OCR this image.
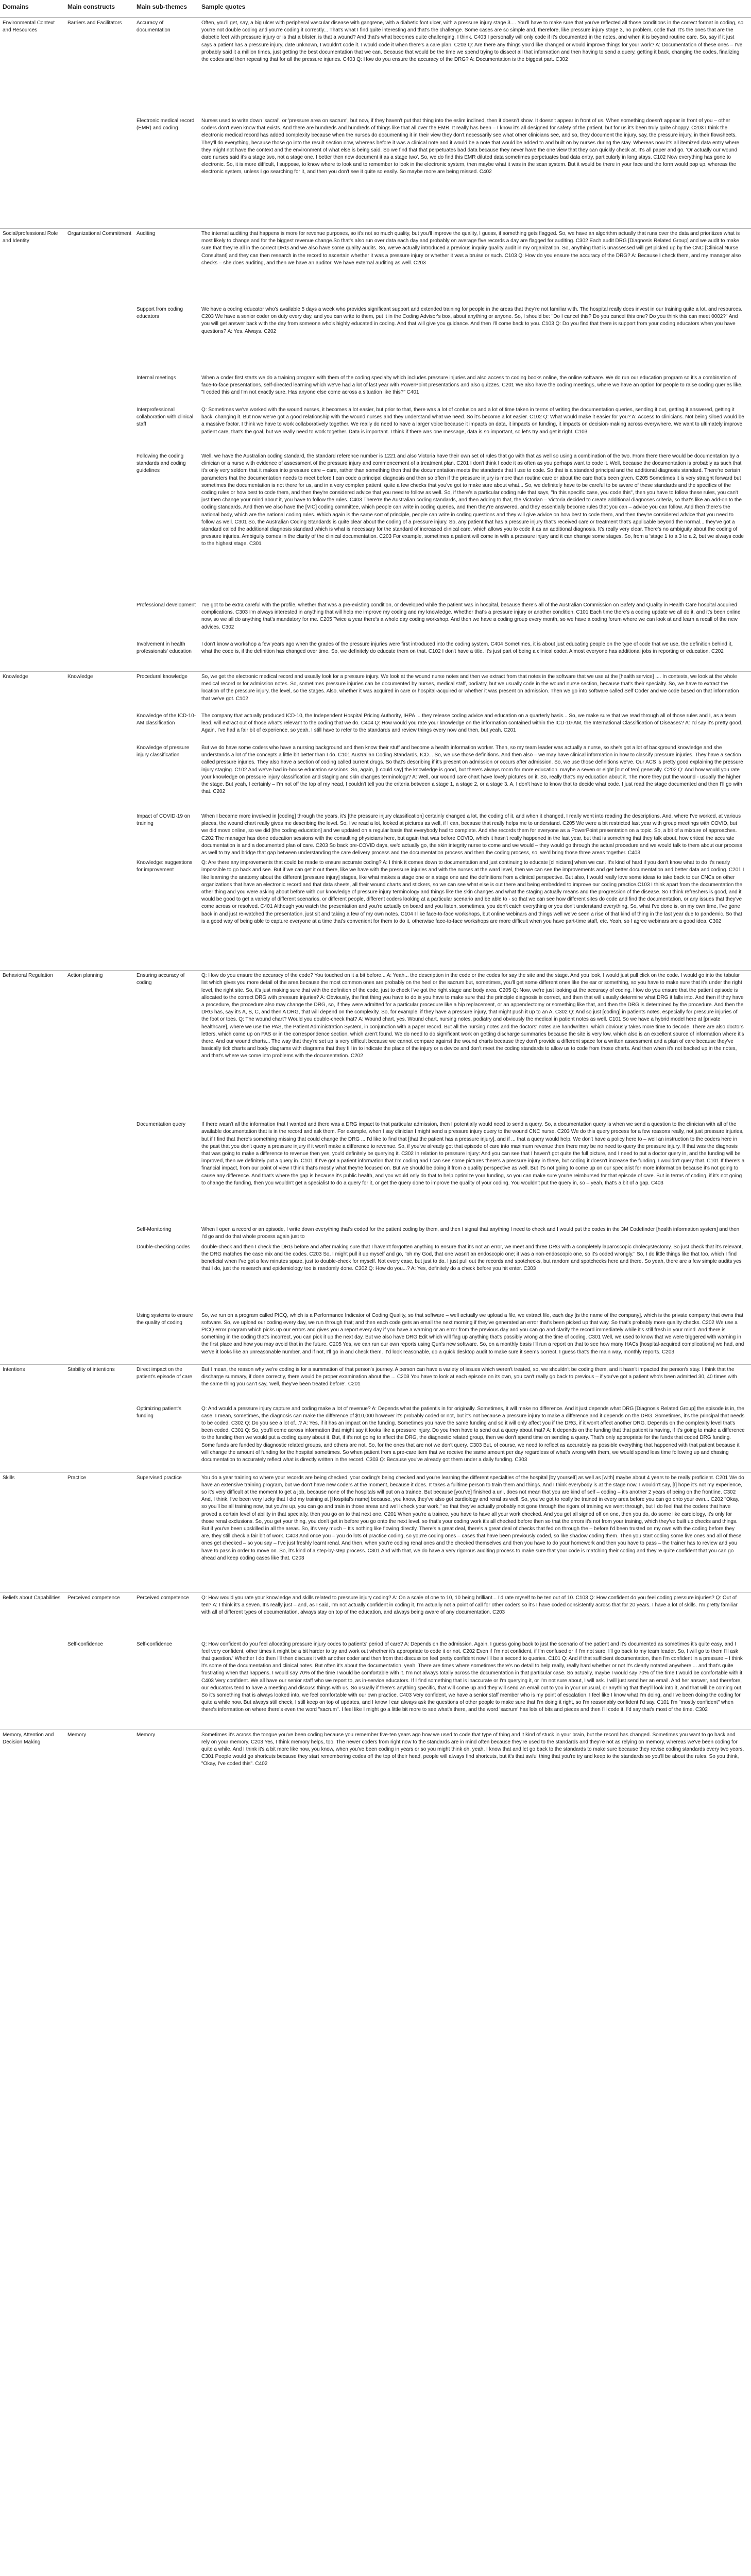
Domains	Main constructs	Main sub-themes	Sample quotes
Environmental Context and Resources	Barriers and Facilitators	Accuracy of documentation	Often, you'll get, say, a big ulcer with peripheral vascular disease with gangrene, with a diabetic foot ulcer, with a pressure injury stage 3.... You'll have to make sure that you've reflected all those conditions in the correct format in coding, so you're not double coding and you're coding it correctly... That's what I find quite interesting and that's the challenge. Some cases are so simple and, therefore, like pressure injury stage 3, no problem, code that. It's the ones that are the diabetic feet with pressure injury or is that a blister, is that a wound? And that's what becomes quite challenging. I think. C403 I personally will only code if it's documented in the notes, and when it is beyond routine care. So, say if it just says a patient has a pressure injury, date unknown, I wouldn't code it. I would code it when there's a care plan. C203 Q: Are there any things you'd like changed or would improve things for your work? A: Documentation of these ones – I've probably said it a million times, just getting the best documentation that we can. Because that would be the time we spend trying to dissect all that information and then having to send a query, getting it back, changing the codes, finalizing the codes and then repeating that for all the pressure injuries. C403 Q: How do you ensure the accuracy of the DRG? A: Documentation is the biggest part. C302
		Electronic medical record (EMR) and coding	Nurses used to write down 'sacral', or 'pressure area on sacrum', but now, if they haven't put that thing into the eslim inclined, then it doesn't show. It doesn't appear in front of us. When something doesn't appear in front of you – other coders don't even know that exists. And there are hundreds and hundreds of things like that all over the EMR. It really has been – I know it's all designed for safety of the patient, but for us it's been truly quite choppy. C203 I think the electronic medical record has added complexity because when the nurses do documenting it in their view they don't necessarily see what other clinicians see, and so, they document the injury, say, the pressure injury, in their flowsheets. They'll do everything, because those go into the result section now, whereas before it was a clinical note and it would be a note that would be added to and built on by nurses during the stay. Whereas now it's all itemized data entry where they might not have the context and the environment of what else is being said. So we find that that perpetuates bad data because they never have the one view that they can quickly check at. It's all paper and go. 'Or actually our wound care nurses said it's a stage two, not a stage one. I better then now document it as a stage two'. So, we do find this EMR diluted data sometimes perpetuates bad data entry, particularly in long stays. C102 Now everything has gone to electronic. So, it is more difficult, I suppose, to know where to look and to remember to look in the electronic system, then maybe what it was in the scan system. But it would be there in your face and the form would pop up, whereas the electronic system, unless I go searching for it, and then you don't see it quite so easily. So maybe more are being missed. C402
Social/professional Role and Identity	Organizational Commitment	Auditing	The internal auditing that happens is more for revenue purposes, so it's not so much quality, but you'll improve the quality, I guess, if something gets flagged. So, we have an algorithm actually that runs over the data and prioritizes what is most likely to change and for the biggest revenue change.So that's also run over data each day and probably on average five records a day are flagged for auditing. C302 Each audit DRG [Diagnosis Related Group] and we audit to make sure that they're all in the correct DRG and we also have some quality audits. So, we've actually introduced a previous inquiry quality audit in my organization. So, anything that is unassessed will get picked up by the CNC [Clinical Nurse Consultant] and they can then research in the record to ascertain whether it was a pressure injury or whether it was a bruise or such. C103 Q: How do you ensure the accuracy of the DRG? A: Because I check them, and my manager also checks – she does auditing, and then we have an auditor. We have external auditing as well. C203
		Support from coding educators	We have a coding educator who's available 5 days a week who provides significant support and extended training for people in the areas that they're not familiar with. The hospital really does invest in our training quite a lot, and resources. C203 We have a senior coder on duty every day, and you can write to them, put it in the Coding Advisor's box, about anything or anyone. So, I should be: "Do I cancel this? Do you cancel this one? Do you think this can meet 0002?" And you will get answer back with the day from someone who's highly educated in coding. And that will give you guidance. And then I'll come back to you. C103 Q: Do you find that there is support from your coding educators when you have questions? A: Yes. Always. C202
		Internal meetings	When a coder first starts we do a training program with them of the coding specialty which includes pressure injuries and also access to coding books online, the online software. We do run our education program so it's a combination of face-to-face presentations, self-directed learning which we've had a lot of last year with PowerPoint presentations and also quizzes. C201 We also have the coding meetings, where we have an option for people to raise coding queries like, "I coded this and I'm not exactly sure. Has anyone else come across a situation like this?" C401
		Interprofessional collaboration with clinical staff	Q: Sometimes we've worked with the wound nurses, it becomes a lot easier, but prior to that, there was a lot of confusion and a lot of time taken in terms of writing the documentation queries, sending it out, getting it answered, getting it back, changing it. But now we've got a good relationship with the wound nurses and they understand what we need. So it's become a lot easier. C102 Q: What would make it easier for you? A: Access to clinicians. Not being siloed would be a massive factor. I think we have to work collaboratively together. We really do need to have a larger voice because it impacts on data, it impacts on funding, it impacts on decision-making across everywhere. We want to ultimately improve patient care, that's the goal, but we really need to work together. Data is important. I think if there was one message, data is so important, so let's try and get it right. C103
		Following the coding standards and coding guidelines	Well, we have the Australian coding standard, the standard reference number is 1221 and also Victoria have their own set of rules that go with that as well so using a combination of the two. From there there would be documentation by a clinician or a nurse with evidence of assessment of the pressure injury and commencement of a treatment plan. C201 I don't think I code it as often as you perhaps want to code it. Well, because the documentation is probably as such that it's only very seldom that it makes into pressure care – care, rather than something then that the documentation meets the standards that I use to code. So that is a standard principal and the additional diagnosis standard. There're certain parameters that the documentation needs to meet before I can code a principal diagnosis and then so often if the pressure injury is more than routine care or about the care that's been given. C205 Sometimes it is very straight forward but sometimes the documentation is not there for us, and in a very complex patient, quite a few checks that you've got to make sure about what... So, we definitely have to be careful to be aware of these standards and the specifics of the coding rules or how best to code them, and then they're considered advice that you need to follow as well. So, if there's a particular coding rule that says, "In this specific case, you code this", then you have to follow these rules, you can't just then change your mind about it, you have to follow the rules. C403 There're the Australian coding standards, and then adding to that, the Victorian – Victoria decided to create additional diagnoses criteria, so that's like an add-on to the coding standards. And then we also have the [VIC] coding committee, which people can write in coding queries, and then they're answered, and they essentially become rules that you can – advice you can follow. And then there's the national body, which are the national coding rules. Which again is the same sort of principle, people can write in coding questions and they will give advice on how best to code them, and then they're considered advice that you need to follow as well. C301 So, the Australian Coding Standards is quite clear about the coding of a pressure injury. So, any patient that has a pressure injury that's received care or treatment that's applicable beyond the normal... they've got a standard called the additional diagnosis standard which is what is necessary for the standard of increased clinical care, which allows you to code it as an additional diagnosis. It's really very clear. There's no ambiguity about the coding of pressure injuries. Ambiguity comes in the clarity of the clinical documentation. C203 For example, sometimes a patient will come in with a pressure injury and it can change some stages. So, from a 'stage 1 to a 3 to a 2, but we always code to the highest stage. C301
		Professional development	I've got to be extra careful with the profile, whether that was a pre-existing condition, or developed while the patient was in hospital, because there's all of the Australian Commission on Safety and Quality in Health Care hospital acquired complications. C303 I'm always interested in anything that will help me improve my coding and my knowledge. Whether that's a pressure injury or another condition. C101 Each time there's a coding update we all do it, and it's been online now, so we all do anything that's mandatory for me. C205 Twice a year there's a whole day coding workshop. And then we have a coding group every month, so we have a coding forum where we can look at and learn a recall of the new advices. C302
		Involvement in health professionals' education	I don't know a workshop a few years ago when the grades of the pressure injuries were first introduced into the coding system. C404 Sometimes, it is about just educating people on the type of code that we use, the definition behind it, what the code is, if the definition has changed over time. So, we definitely do educate them on that. C102 I don't have a title. It's just part of being a clinical coder. Almost everyone has additional jobs in reporting or education. C202
Knowledge	Knowledge	Procedural knowledge	So, we get the electronic medical record and usually look for a pressure injury. We look at the wound nurse notes and then we extract from that notes in the software that we use at the [health service] .... In contexts, we look at the whole medical record or for admission notes. So, sometimes pressure injuries can be documented by nurses, medical staff, podiatry, but we usually code in the wound nurse section, because that's their specialty. So, we have to extract the location of the pressure injury, the level, so the stages. Also, whether it was acquired in care or hospital-acquired or whether it was present on admission. Then we go into software called Self Coder and we code based on that information that we've got. C102
		Knowledge of the ICD-10-AM classification	The company that actually produced ICD-10, the Independent Hospital Pricing Authority, IHPA ... they release coding advice and education on a quarterly basis... So, we make sure that we read through all of those rules and I, as a team lead, will extract out of those what's relevant to the coding that we do. C404 Q: How would you rate your knowledge on the information contained within the ICD-10-AM, the International Classification of Diseases? A: I'd say it's pretty good. Again, I've had a fair bit of experience, so yeah. I still have to refer to the standards and review things every now and then, but yeah. C201
		Knowledge of pressure injury classification	But we do have some coders who have a nursing background and then know their stuff and become a health information worker. Then, so my team leader was actually a nurse, so she's got a lot of background knowledge and she understands a lot of the concepts a little bit better than I do. C101 Australian Coding Standards, ICD... So, we use those definitions. And then also – we may have clinical information in how to classify pressure injuries. They have a section called pressure injuries. They also have a section of coding called current drugs. So that's describing if it's present on admission or occurs after admission. So, we use those definitions we've. Our ACS is pretty good explaining the pressure injury staging. C102 And we've had in-house education sessions. So, again, [I could say] the knowledge is good, but there's always room for more education. maybe a seven or eight [out of ten] generally. C202 Q: And how would you rate your knowledge on pressure injury classification and staging and skin changes terminology? A: Well, our wound care chart have lovely pictures on it. So, really that's my education about it. The more they put the wound - usually the higher the stage. But yeah, I certainly – I'm not off the top of my head, I couldn't tell you the criteria between a stage 1, a stage 2, or a stage 3. A, I don't have to know that to decide what code. I just read the stage documented and then I'll go with that. C202
		Impact of COVID-19 on training	When I became more involved in [coding] through the years, it's [the pressure injury classification] certainly changed a lot, the coding of it, and when it changed, I really went into reading the descriptions. And, where I've worked, at various places, the wound chart really gives me describing the level. So, I've read a lot, looked at pictures as well, if I can, because that really helps me to understand. C205 We were a bit restricted last year with group meetings with COVID, but we did move online, so we did [the coding education] and we updated on a regular basis that everybody had to complete. And she records them for everyone as a PowerPoint presentation on a topic. So, a bit of a mixture of approaches. C202 The manager has done education sessions with the consulting physicians here, but again that was before COVID, which it hasn't really happened in the last year, but that is something that they talk about, how critical the accurate documentation is and a documented plan of care. C203 So back pre-COVID days, we'd actually go, the skin integrity nurse to come and we would – they would go through the actual procedure and we would talk to them about our process as well to try and bridge that gap between understanding the care delivery process and the documentation process and then the coding process, so, we'd bring those three areas together. C403
		Knowledge: suggestions for improvement	Q: Are there any improvements that could be made to ensure accurate coding? A: I think it comes down to documentation and just continuing to educate [clinicians] when we can. It's kind of hard if you don't know what to do it's nearly impossible to go back and see. But if we can get it out there, like we have with the pressure injuries and with the nurses at the ward level, then we can see the improvements and get better documentation and better data and coding. C201 I like learning the anatomy about the different [pressure injury] stages, like what makes a stage one or a stage one and the definitions from a clinical perspective. But also, I would really love some ideas to take back to our CNCs on other organizations that have an electronic record and that data sheets, all their wound charts and stickers, so we can see what else is out there and being embedded to improve our coding practice.C103 I think apart from the documentation the other thing and you were asking about before with our knowledge of pressure injury terminology and things like the skin changes and what the staging actually means and the progression of the disease. So I think refreshers is good, and it would be good to get a variety of different scenarios, or different people, different coders looking at a particular scenario and be able to - so that we can see how different sites do code and find the documentation, or any issues that they've come across or resolved. C401 Although you watch the presentation and you're actually on board and you listen, sometimes, you don't catch everything or you don't understand everything. So, what I've done is, on my own time, I've gone back in and just re-watched the presentation, just sit and taking a few of my own notes. C104 I like face-to-face workshops, but online webinars and things well we've seen a rise of that kind of thing in the last year due to pandemic. So that is a good way of being able to capture everyone at a time that's convenient for them to do it, otherwise face-to-face workshops are more difficult when you have part-time staff, etc. Yeah, so I agree webinars are a good idea. C302
Behavioral Regulation	Action planning	Ensuring accuracy of coding	Q: How do you ensure the accuracy of the code? You touched on it a bit before... A: Yeah... the description in the code or the codes for say the site and the stage. And you look, I would just pull click on the code. I would go into the tabular list which gives you more detail of the area because the most common ones are probably on the heel or the sacrum but, sometimes, you'll get some different ones like the ear or something, so you have to make sure that it's under the right level, the right site. So, it's just making sure that with the definition of the code, just to check I've got the right stage and body area. C205 Q: Now, we're just looking at the accuracy of coding. How do you ensure that the patient episode is allocated to the correct DRG with pressure injuries? A: Obviously, the first thing you have to do is you have to make sure that the principle diagnosis is correct, and then that will usually determine what DRG it falls into. And then if they have a procedure, the procedure also may change the DRG, so, if they were admitted for a particular procedure like a hip replacement, or an appendectomy or something like that, and then the DRG is determined by the procedure. And then the DRG has, say it's A, B, C, and then A DRG, that will depend on the complexity. So, for example, if they have a pressure injury, that might push it up to an A. C302 Q: And so just [coding] in patients notes, especially for pressure injuries of the foot or toes. Q: The wound chart? Would you double-check that? A: Wound chart, yes. Wound chart, nursing notes, podiatry and obviously the medical in patient notes as well. C101 So we have a hybrid model here at [private healthcare], where we use the PAS, the Patient Administration System, in conjunction with a paper record. But all the nursing notes and the doctors' notes are handwritten, which obviously takes more time to decode. There are also doctors letters, which come up on PAS or in the correspondence section, which aren't found. We do need to do significant work on getting discharge summaries because the site is very low, which also is an excellent source of information where it's there. And our wound charts... The way that they're set up is very difficult because we cannot compare against the wound charts because they don't provide a different space for a written assessment and a plan of care because they've basically tick charts and body diagrams with diagrams that they fill in to indicate the place of the injury or a device and don't meet the coding standards to allow us to code from those charts. And then when it's not backed up in the notes, and that's where we come into problems with the documentation. C202
		Documentation query	If there wasn't all the information that I wanted and there was a DRG impact to that particular admission, then I potentially would need to send a query. So, a documentation query is when we send a question to the clinician with all of the available documentation that is in the record and ask them. For example, when I say clinician I might send a pressure injury query to the wound CNC nurse. C203 We do this query process for a few reasons really, not just pressure injuries, but if I find that there's something missing that could change the DRG ... I'd like to find that [that the patient has a pressure injury], and if ... that a query would help. We don't have a policy here to – well an instruction to the coders here in the past that you don't query a pressure injury if it won't make a difference to revenue. So, if you've already got that episode of care into maximum revenue then there may be no need to query the pressure injury. If that was the diagnosis that was going to make a difference to revenue then yes, you'd definitely be querying it. C302 In relation to pressure injury: And you can see that I haven't got quite the full picture, and I need to put a doctor query in, and the funding will be improved, then we definitely put a query in. C101 If I've got a patient information that I'm coding and I can see some pictures there's a pressure injury in there, but coding it doesn't increase the funding, I wouldn't query that. C101 If there's a financial impact, from our point of view I think that's mostly what they're focused on. But we should be doing it from a quality perspective as well. But it's not going to come up on our specialist for more information because it's not going to cause any difference. And that's where the gap is because it's public health, and you would only do that to help optimize your funding, so you can make sure you're reimbursed for that episode of care. But in terms of coding, if it's not going to change the funding, then you wouldn't get a specialist to do a query for it, or get the query done to improve the quality of your coding. You wouldn't put the query in, so – yeah, that's a bit of a gap. C403
		Self-Monitoring	When I open a record or an episode, I write down everything that's coded for the patient coding by them, and then I signal that anything I need to check and I would put the codes in the 3M Codefinder [health information system] and then I'd go and do that whole process again just to
		Double-checking codes	double-check and then I check the DRG before and after making sure that I haven't forgotten anything to ensure that it's not an error, we meet and three DRG with a completely laparoscopic cholecystectomy. So just check that it's relevant, the DRG matches the case mix and the codes. C203 So, I might pull it up myself and go, "oh my God, that one wasn't an endoscopic one; it was a non-endoscopic one, so it's coded wrongly." So, I do little things like that too, which I find beneficial when I've got a few minutes spare, just to double-check for myself. Not every case, but just to do. I just pull out the records and spotchecks, but random and spotchecks here and there. So yeah, there are a few simple audits yes that I do, just the research and epidemiology too is randomly done. C302 Q: How do you...? A: Yes, definitely do a check before you hit enter. C303
		Using systems to ensure the quality of coding	So, we run on a program called PICQ, which is a Performance Indicator of Coding Quality, so that software – well actually we upload a file, we extract file, each day [is the name of the company], which is the private company that owns that software. So, we upload our coding every day, we run through that; and then each code gets an email the next morning if they've generated an error that's been picked up that way. So that's probably more quality checks. C202 We use a PICQ error program which picks up our errors and gives you a report every day if you have a warning or an error from the previous day and you can go and clarify the record immediately while it's still fresh in your mind. And there is something in the coding that's incorrect, you can pick it up the next day. But we also have DRG Edit which will flag up anything that's possibly wrong at the time of coding. C301 Well, we used to know that we were triggered with warning in the first place and how you may avoid that in the future. C205 Yes, we can run our own reports using Qun's new software. So, on a monthly basis I'll run a report on that to see how many HACs [hospital-acquired complications] we had, and we've it looks like an unreasonable number, and if not, I'll go in and check them. It'd look reasonable, do a quick desktop audit to make sure it seems correct. I guess that's the main way, monthly reports. C203
Intentions	Stability of intentions	Direct impact on the patient's episode of care	But I mean, the reason why we're coding is for a summation of that person's journey. A person can have a variety of issues which weren't treated, so, we shouldn't be coding them, and it hasn't impacted the person's stay. I think that the discharge summary, if done correctly, there would be proper examination about the ... C203 You have to look at each episode on its own, you can't really go back to previous – if you've got a patient who's been admitted 30, 40 times with the same thing you can't say, 'well, they've been treated before'. C201
		Optimizing patient's funding	Q: And would a pressure injury capture and coding make a lot of revenue? A: Depends what the patient's in for originally. Sometimes, it will make no difference. And it just depends what DRG [Diagnosis Related Group] the episode is in, the case. I mean, sometimes, the diagnosis can make the difference of $10,000 however it's probably coded or not, but it's not because a pressure injury to make a difference and it depends on the DRG. Sometimes, it's the principal that needs to be coded. C302 Q: Do you see a lot of...? A: Yes, if it has an impact on the funding. Sometimes you have the same funding and so it will only affect you if the DRG, if it won't affect another DRG. Depends on the complexity level that's been coded. C301 Q: So, you'll come across information that might say it looks like a pressure injury. Do you then have to send out a query about that? A: It depends on the funding that that patient is having, if it's going to make a difference to the funding then we would put a coding query about it. But, if it's not going to affect the DRG, the diagnostic related group, then we don't spend time on sending a query. That's only appropriate for the funds that coded DRG funding. Some funds are funded by diagnostic related groups, and others are not. So, for the ones that are not we don't query. C303 But, of course, we need to reflect as accurately as possible everything that happened with that patient because it will change the amount of funding for the hospital sometimes. So when patient from a pre-care item that we receive the same amount per day regardless of what's wrong with them, we would spend less time following up and chasing documentation to accurately reflect what is directly written in the record. C303 Q: Because you've already got them under a daily funding. C303
Skills	Practice	Supervised practice	You do a year training so where your records are being checked, your coding's being checked and you're learning the different specialties of the hospital [by yourself] as well as [with] maybe about 4 years to be really proficient. C201 We do have an extensive training program, but we don't have new coders at the moment, because it does. It takes a fulltime person to train them and things. And I think everybody is at the stage now, I wouldn't say, [I] hope it's not my experience, so it's very difficult at the moment to get a job, because none of the hospitals will put on a trainee. But because [you've] finished a uni, does not mean that you are kind of self – coding – it's another 2 years of being on the frontline. C302 And, I think, I've been very lucky that I did my training at [Hospital's name] because, you know, they've also got cardiology and renal as well. So, you've got to really be trained in every area before you can go onto your own... C202 "Okay, so you'll be all training now, but you're up, you can go and train in those areas and we'll check your work," so that they've actually probably not gone through the rigors of training we went through, but I do feel that the coders that have proved a certain level of ability in that specialty, then you go on to that next one. C201 When you're a trainee, you have to have all your work checked. And you get all signed off on one, then you do, do some like cardiology, it's only for those renal exclusions. So, you get your thing, you don't get in before you go onto the next level. so that's your coding work it's all checked before then so that the errors it's not from your training, which they've built up checks and things. But if you've been upskilled in all the areas. So, it's very much – It's nothing like flowing directly. There's a great deal, there's a great deal of checks that fed on through the – before I'd been trusted on my own with the coding before they are, they still check a fair bit of work. C403 And once you – you do lots of practice coding, so you're coding ones – cases that have been previously coded, so like shadow coding them. Then you start coding some live ones and all of these ones get checked – so you say – I've just freshly learnt renal. And then, when you're coding renal ones and the checked themselves and then you have to do your homework and then you have to pass – the trainer has to review and you have to pass in order to move on. So, it's kind of a step-by-step process. C301 And with that, we do have a very rigorous auditing process to make sure that your code is matching their coding and they're quite confident that you can go ahead and keep coding cases like that. C203
Beliefs about Capabilities	Perceived competence	Perceived competence	Q: How would you rate your knowledge and skills related to pressure injury coding? A: On a scale of one to 10, 10 being brilliant... I'd rate myself to be ten out of 10. C103 Q: How confident do you feel coding pressure injuries? Q: Out of ten? A: I think it's a seven. It's really just – and, as I said, I'm not actually confident in coding it, I'm actually not a point of call for other coders so it's I have coded consistently across that for 20 years. I have a lot of skills. I'm pretty familiar with all of different types of documentation, always stay on top of the education, and always being aware of any documentation. C203
	Self-confidence	Self-confidence	Q: How confident do you feel allocating pressure injury codes to patients' period of care? A: Depends on the admission. Again, I guess going back to just the scenario of the patient and it's documented as sometimes it's quite easy, and I feel very confident, other times it might be a bit harder to try and work out whether it's appropriate to code it or not. C202 Even if I'm not confident, if I'm confused or if I'm not sure, I'll go back to my team leader. So, I will go to them I'll ask that question.' Whether I do then I'll then discuss it with another coder and then from that discussion feel pretty confident now I'll be a second to queries. C101 Q: And if that sufficient documentation, then I'm confident in a pressure – I think it's some of the documentation and clinical notes. But often it's about the documentation, yeah. There are times where sometimes there's no detail to help really, really hard whether or not it's clearly notated anywhere ... and that's quite frustrating when that happens. I would say 70% of the time I would be comfortable with it. I'm not always totally across the documentation in that particular case. So actually, maybe I would say 70% of the time I would be comfortable with it. C403 Very confident. We all have our senior staff who we report to, as in-service educators. If I find something that is inaccurate or I'm querying it, or I'm not sure about, I will ask. I will just send her an email. And her answer, and therefore, our educators tend to have a meeting and discuss things with us. So usually if there's anything specific, that will come up and they will send an email out to you in your unusual, or anything that they'll look into it, and that will be coming out. So it's something that is always looked into, we feel comfortable with our own practice. C403 Very confident, we have a senior staff member who is my point of escalation. I feel like I know what I'm doing, and I've been doing the coding for quite a while now. But always still check, I still keep on top of updates, and I know I can always ask the questions of other people to make sure that I'm doing it right, so I'm reasonably confident I'd say. C101 I'm "mostly confident" when there's information on where there's even the word "sacrum". I feel like I might go a little bit more to see what's there, and the word 'sacrum' has lots of bits and pieces and then I'll code it. I'd say that's most of the time. C302
Memory, Attention and Decision Making	Memory	Memory	Sometimes it's across the tongue you've been coding because you remember five-ten years ago how we used to code that type of thing and it kind of stuck in your brain, but the record has changed. Sometimes you want to go back and rely on your memory. C203 Yes, I think memory helps, too. The newer coders from right now to the standards are in mind often because they're used to the standards and they're not as relying on memory, whereas we've been coding for quite a while. And I think it's a bit more like now, you know, when you've been coding in years or so you might think oh, yeah, I know that and let go back to the standards to make sure because they revise coding standards every two years. C301 People would go shortcuts because they start remembering codes off the top of their head, people will always find shortcuts, but it's that awful thing that you're try and keep to the standards so you'll be about the rules. So you think, "Okay, I've coded this". C402
